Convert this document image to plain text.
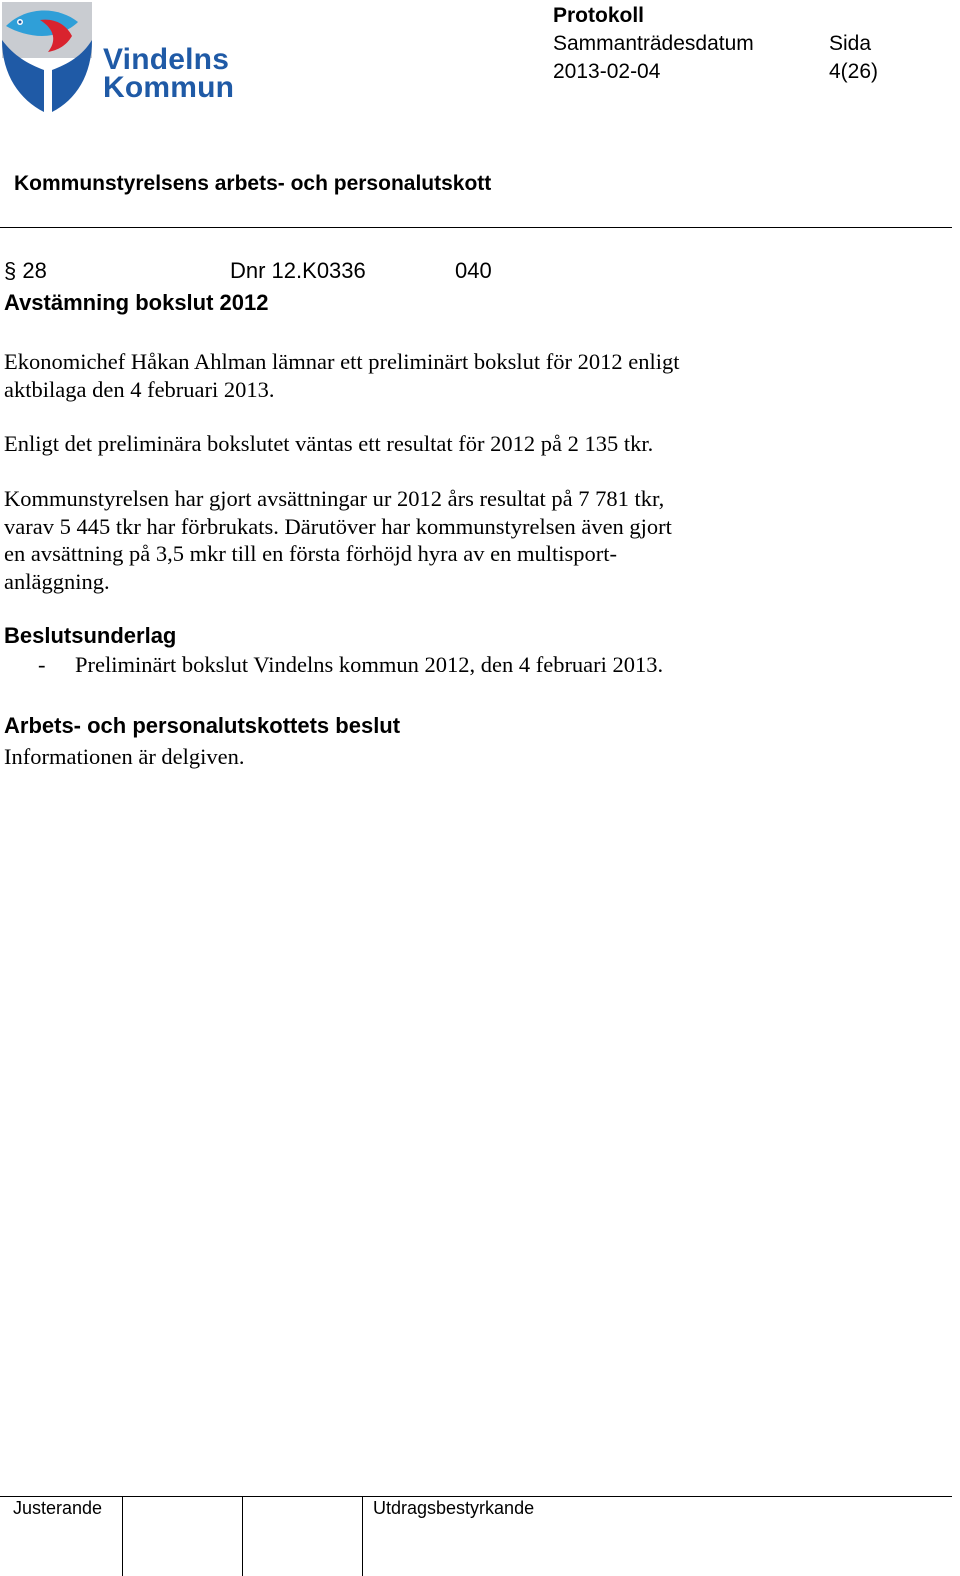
Vindelns
Kommun
Protokoll
Sammanträdesdatum
2013-02-04
Sida
4(26)
Kommunstyrelsens arbets- och personalutskott
§ 28	Dnr 12.K0336	040
Avstämning bokslut 2012
Ekonomichef Håkan Ahlman lämnar ett preliminärt bokslut för 2012 enligt
aktbilaga den 4 februari 2013.
Enligt det preliminära bokslutet väntas ett resultat för 2012 på 2 135 tkr.
Kommunstyrelsen har gjort avsättningar ur 2012 års resultat på 7 781 tkr,
varav 5 445 tkr har förbrukats. Därutöver har kommunstyrelsen även gjort
en avsättning på 3,5 mkr till en första förhöjd hyra av en multisport-
anläggning.
Beslutsunderlag
- Preliminärt bokslut Vindelns kommun 2012, den 4 februari 2013.
Arbets- och personalutskottets beslut
Informationen är delgiven.
Justerande	Utdragsbestyrkande
